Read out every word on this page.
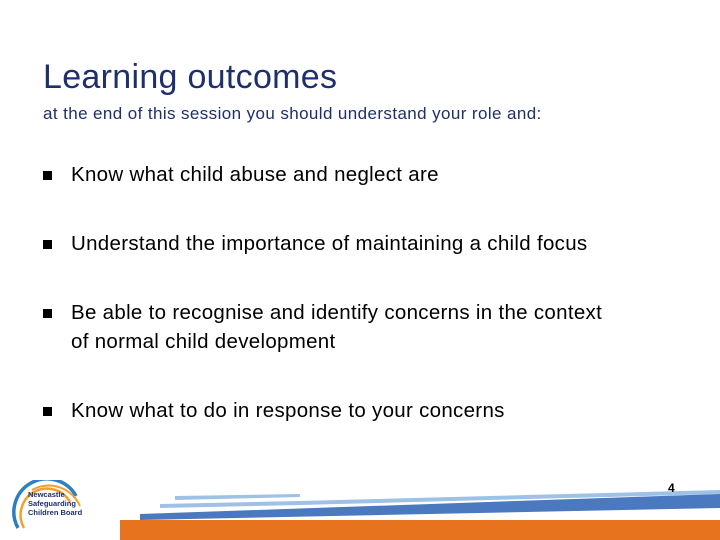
Learning outcomes
at the end of this session you should understand your role and:
Know what child abuse and neglect are
Understand the importance of maintaining a child focus
Be able to recognise and identify concerns in the context
of normal child development
Know what to do in response to your concerns
Newcastle
Safeguarding
Children Board
4
